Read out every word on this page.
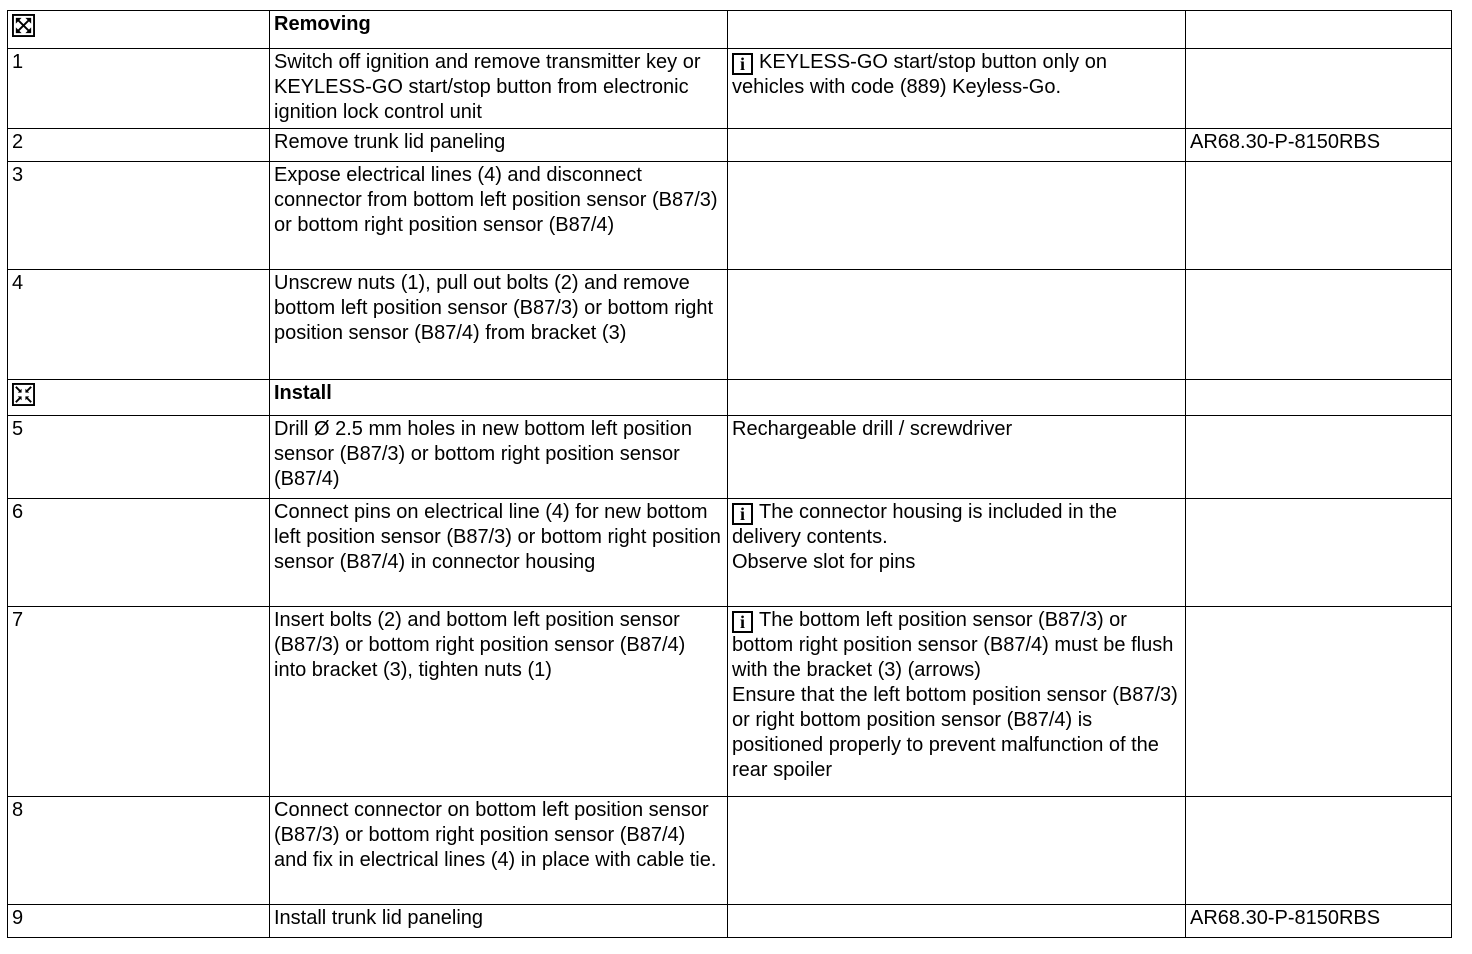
	Removing		
1	Switch off ignition and remove transmitter key or KEYLESS-GO start/stop button from electronic ignition lock control unit	i KEYLESS-GO start/stop button only on vehicles with code (889) Keyless-Go.	
2	Remove trunk lid paneling		AR68.30-P-8150RBS
3	Expose electrical lines (4) and disconnect connector from bottom left position sensor (B87/3) or bottom right position sensor (B87/4)		
4	Unscrew nuts (1), pull out bolts (2) and remove bottom left position sensor (B87/3) or bottom right position sensor (B87/4) from bracket (3)		
	Install		
5	Drill Ø 2.5 mm holes in new bottom left position sensor (B87/3) or bottom right position sensor (B87/4)	Rechargeable drill / screwdriver	
6	Connect pins on electrical line (4) for new bottom left position sensor (B87/3) or bottom right position sensor (B87/4) in connector housing	i The connector housing is included in the delivery contents.
Observe slot for pins	

7	Insert bolts (2) and bottom left position sensor (B87/3) or bottom right position sensor (B87/4) into bracket (3), tighten nuts (1)	i The bottom left position sensor (B87/3) or bottom right position sensor (B87/4) must be flush with the bracket (3) (arrows)
Ensure that the left bottom position sensor (B87/3) or right bottom position sensor (B87/4) is positioned properly to prevent malfunction of the rear spoiler	

8	Connect connector on bottom left position sensor (B87/3) or bottom right position sensor (B87/4) and fix in electrical lines (4) in place with cable tie.		
9	Install trunk lid paneling		AR68.30-P-8150RBS
